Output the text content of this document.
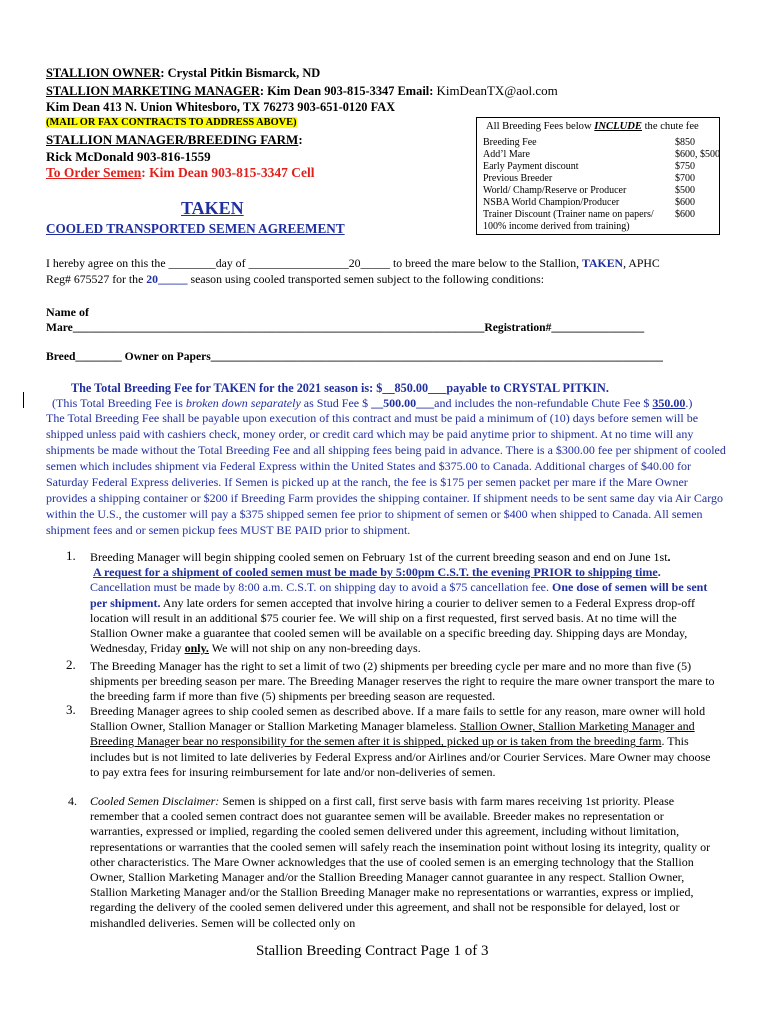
STALLION OWNER: Crystal Pitkin Bismarck, ND
STALLION MARKETING MANAGER: Kim Dean 903-815-3347 Email: KimDeanTX@aol.com
Kim Dean 413 N. Union Whitesboro, TX 76273 903-651-0120 FAX
(MAIL OR FAX CONTRACTS TO ADDRESS ABOVE)
STALLION MANAGER/BREEDING FARM:
Rick McDonald 903-816-1559
To Order Semen: Kim Dean 903-815-3347 Cell
TAKEN
COOLED TRANSPORTED SEMEN AGREEMENT
All Breeding Fees below INCLUDE the chute fee
Breeding Fee	$850
Add’l Mare	$600, $500
Early Payment discount	$750
Previous Breeder	$700
World/ Champ/Reserve or Producer	$500
NSBA World Champion/Producer	$600
Trainer Discount (Trainer name on papers/ $600
100% income derived from training)
I hereby agree on this the ________day of _________________20_____ to breed the mare below to the Stallion, TAKEN, APHC
Reg# 675527 for the 20_____ season using cooled transported semen subject to the following conditions:
Name of
Mare_______________________________________________________________________Registration#________________
Breed________ Owner on Papers______________________________________________________________________________
The Total Breeding Fee for TAKEN for the 2021 season is: $__850.00___payable to CRYSTAL PITKIN.
(This Total Breeding Fee is broken down separately as Stud Fee $ __500.00___and includes the non-refundable Chute Fee $ 350.00.)
The Total Breeding Fee shall be payable upon execution of this contract and must be paid a minimum of (10) days before semen will be shipped unless paid with cashiers check, money order, or credit card which may be paid anytime prior to shipment. At no time will any shipments be made without the Total Breeding Fee and all shipping fees being paid in advance. There is a $300.00 fee per shipment of cooled semen which includes shipment via Federal Express within the United States and $375.00 to Canada. Additional charges of $40.00 for Saturday Federal Express deliveries. If Semen is picked up at the ranch, the fee is $175 per semen packet per mare if the Mare Owner provides a shipping container or $200 if Breeding Farm provides the shipping container. If shipment needs to be sent same day via Air Cargo within the U.S., the customer will pay a $375 shipped semen fee prior to shipment of semen or $400 when shipped to Canada. All semen shipment fees and or semen pickup fees MUST BE PAID prior to shipment.
1. Breeding Manager will begin shipping cooled semen on February 1st of the current breeding season and end on June 1st.
A request for a shipment of cooled semen must be made by 5:00pm C.S.T. the evening PRIOR to shipping time.
Cancellation must be made by 8:00 a.m. C.S.T. on shipping day to avoid a $75 cancellation fee. One dose of semen will be sent per shipment. Any late orders for semen accepted that involve hiring a courier to deliver semen to a Federal Express drop-off location will result in an additional $75 courier fee. We will ship on a first requested, first served basis. At no time will the Stallion Owner make a guarantee that cooled semen will be available on a specific breeding day. Shipping days are Monday, Wednesday, Friday only. We will not ship on any non-breeding days.
2. The Breeding Manager has the right to set a limit of two (2) shipments per breeding cycle per mare and no more than five (5) shipments per breeding season per mare. The Breeding Manager reserves the right to require the mare owner transport the mare to the breeding farm if more than five (5) shipments per breeding season are requested.
3. Breeding Manager agrees to ship cooled semen as described above. If a mare fails to settle for any reason, mare owner will hold Stallion Owner, Stallion Manager or Stallion Marketing Manager blameless. Stallion Owner, Stallion Marketing Manager and Breeding Manager bear no responsibility for the semen after it is shipped, picked up or is taken from the breeding farm. This includes but is not limited to late deliveries by Federal Express and/or Airlines and/or Courier Services. Mare Owner may choose to pay extra fees for insuring reimbursement for late and/or non-deliveries of semen.
4. Cooled Semen Disclaimer: Semen is shipped on a first call, first serve basis with farm mares receiving 1st priority. Please remember that a cooled semen contract does not guarantee semen will be available. Breeder makes no representation or warranties, expressed or implied, regarding the cooled semen delivered under this agreement, including without limitation, representations or warranties that the cooled semen will safely reach the insemination point without losing its integrity, quality or other characteristics. The Mare Owner acknowledges that the use of cooled semen is an emerging technology that the Stallion Owner, Stallion Marketing Manager and/or the Stallion Breeding Manager cannot guarantee in any respect. Stallion Owner, Stallion Marketing Manager and/or the Stallion Breeding Manager make no representations or warranties, express or implied, regarding the delivery of the cooled semen delivered under this agreement, and shall not be responsible for delayed, lost or mishandled deliveries. Semen will be collected only on
Stallion Breeding Contract Page 1 of 3
